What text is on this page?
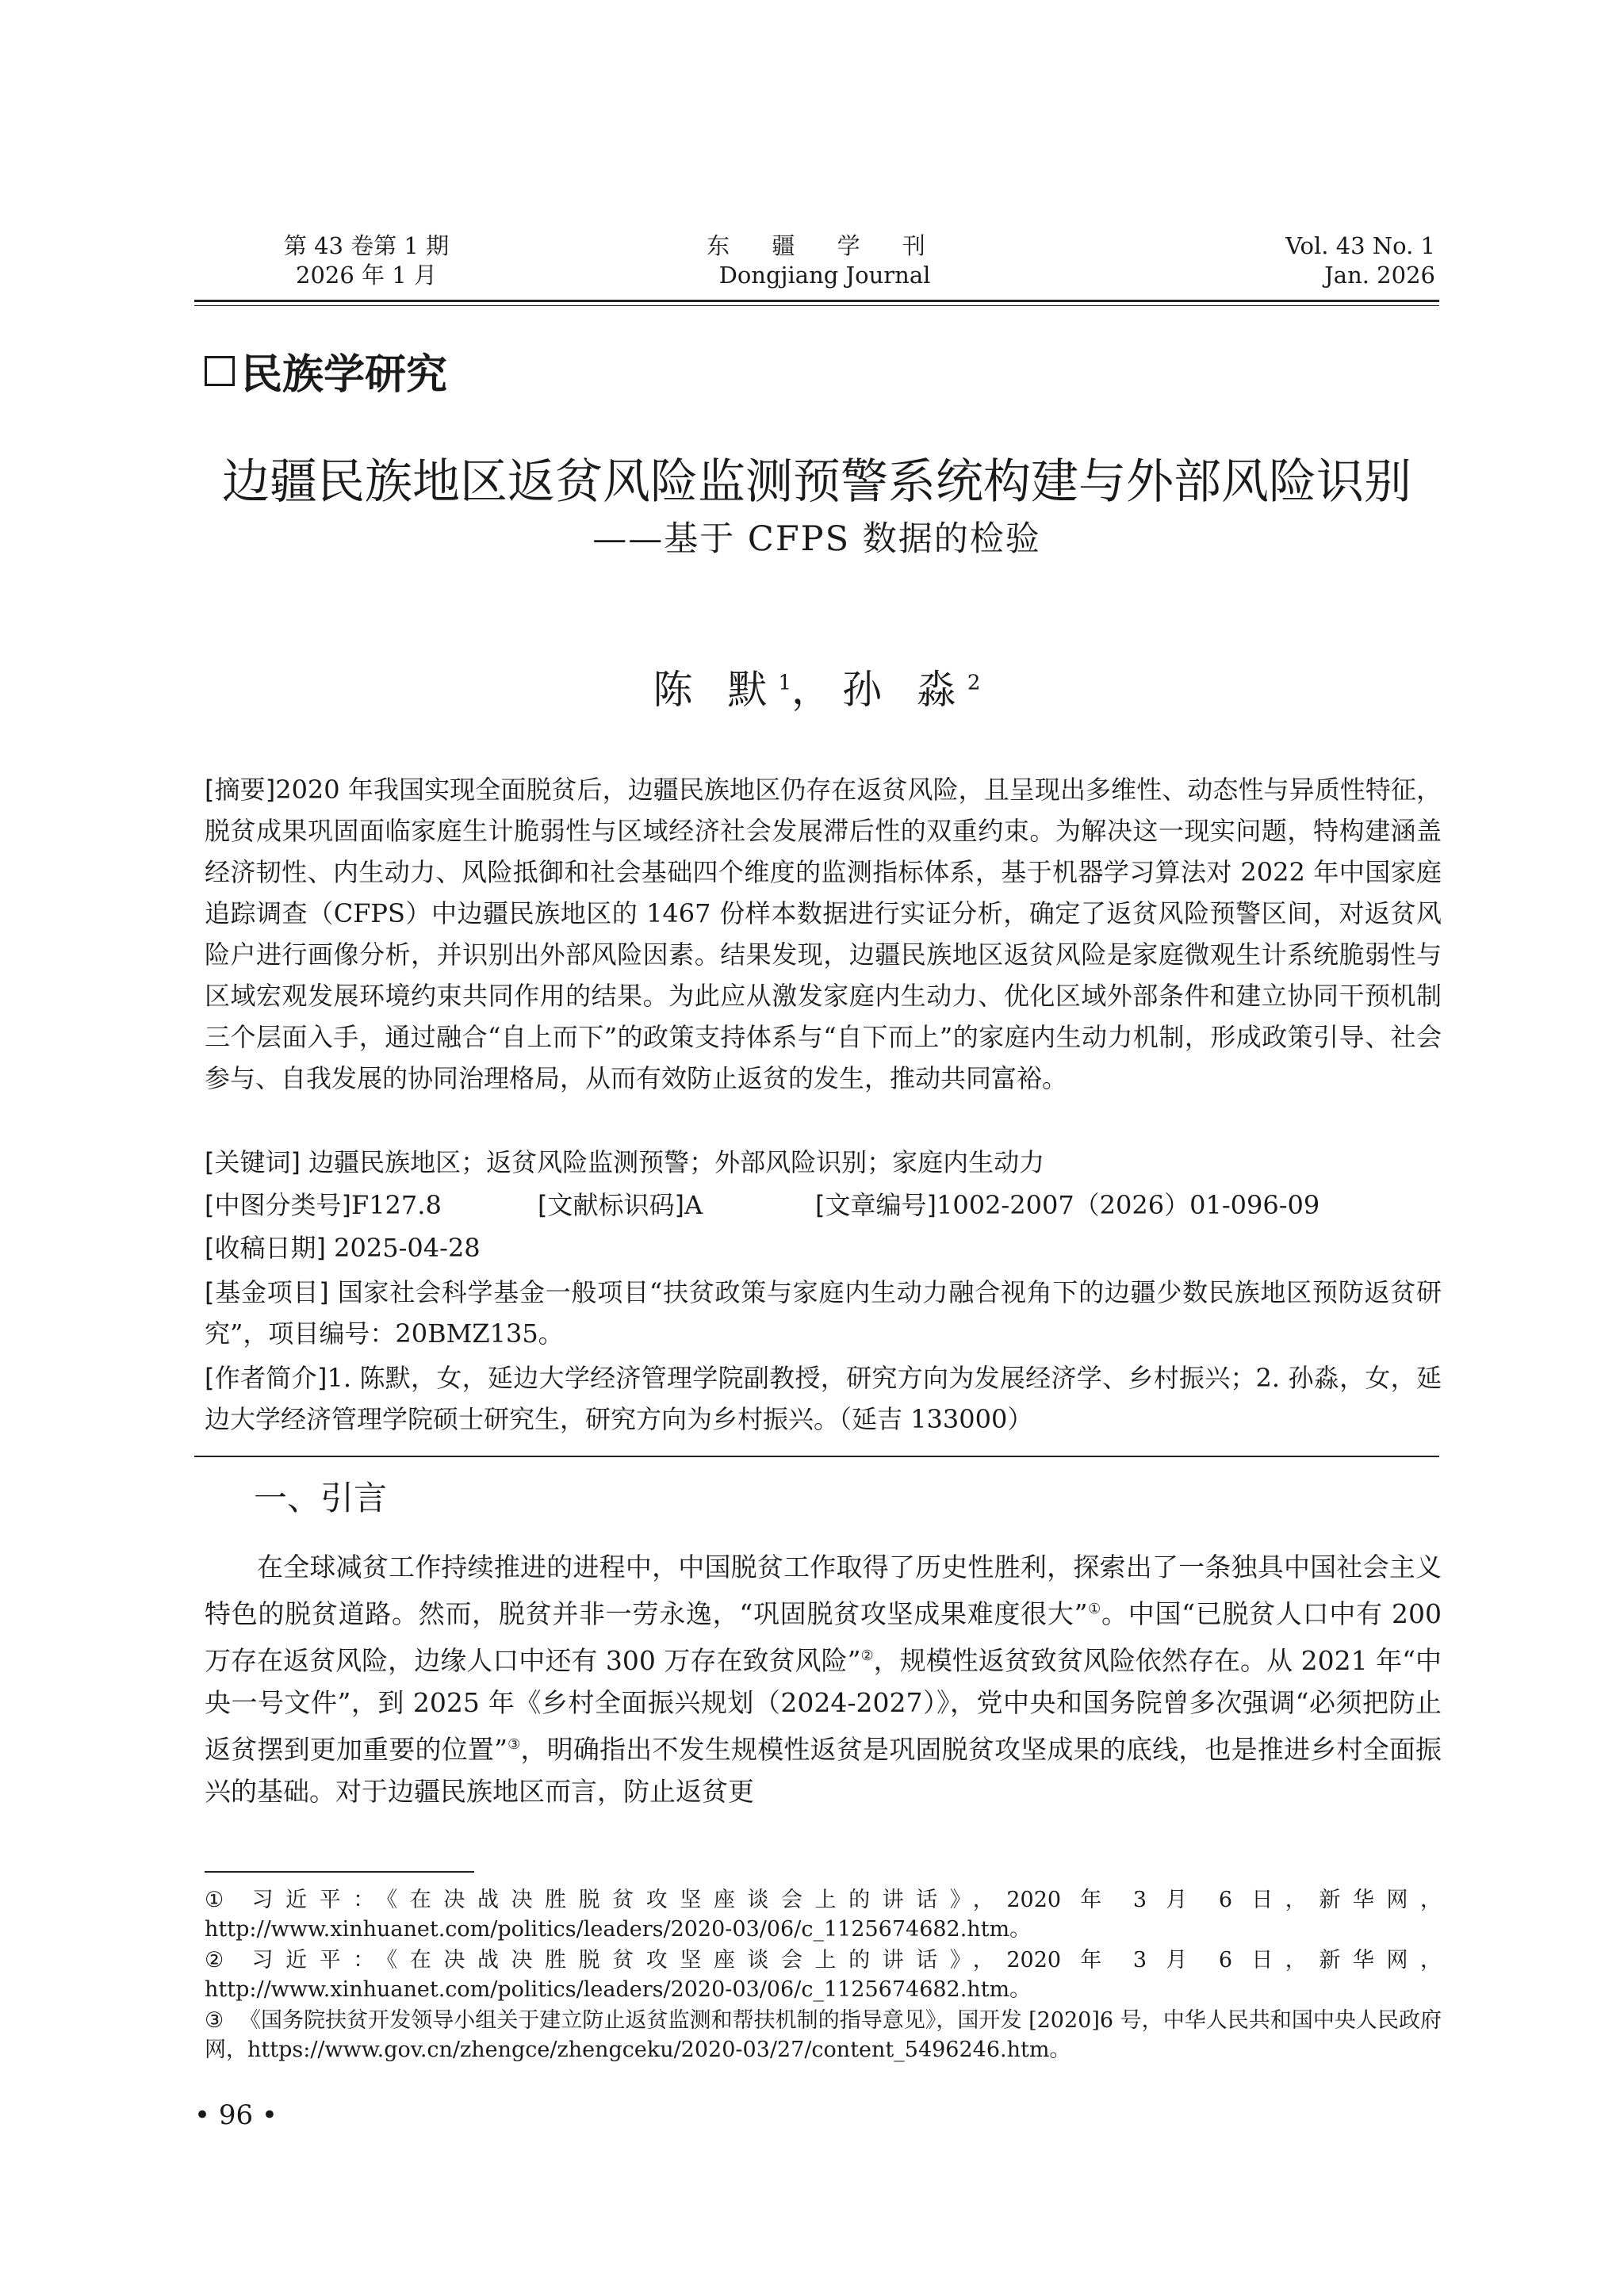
第 43 卷第 1 期
2026 年 1 月
东 疆 学 刊
Dongjiang Journal
Vol. 43 No. 1
Jan. 2026
民族学研究
边疆民族地区返贫风险监测预警系统构建与外部风险识别
——基于 CFPS 数据的检验
陈 默$^1$，孙 淼$^2$
[摘要]2020 年我国实现全面脱贫后，边疆民族地区仍存在返贫风险，且呈现出多维性、动态性与异质性特征，脱贫成果巩固面临家庭生计脆弱性与区域经济社会发展滞后性的双重约束。为解决这一现实问题，特构建涵盖经济韧性、内生动力、风险抵御和社会基础四个维度的监测指标体系，基于机器学习算法对 2022 年中国家庭追踪调查（CFPS）中边疆民族地区的 1467 份样本数据进行实证分析，确定了返贫风险预警区间，对返贫风险户进行画像分析，并识别出外部风险因素。结果发现，边疆民族地区返贫风险是家庭微观生计系统脆弱性与区域宏观发展环境约束共同作用的结果。为此应从激发家庭内生动力、优化区域外部条件和建立协同干预机制三个层面入手，通过融合“自上而下”的政策支持体系与“自下而上”的家庭内生动力机制，形成政策引导、社会参与、自我发展的协同治理格局，从而有效防止返贫的发生，推动共同富裕。
[关键词] 边疆民族地区；返贫风险监测预警；外部风险识别；家庭内生动力
[中图分类号]F127.8	[文献标识码]A	[文章编号]1002-2007（2026）01-096-09
[收稿日期] 2025-04-28
[基金项目] 国家社会科学基金一般项目“扶贫政策与家庭内生动力融合视角下的边疆少数民族地区预防返贫研究”，项目编号：20BMZ135。
[作者简介]1. 陈默，女，延边大学经济管理学院副教授，研究方向为发展经济学、乡村振兴；2. 孙淼，女，延边大学经济管理学院硕士研究生，研究方向为乡村振兴。（延吉 133000）
一、引言
在全球减贫工作持续推进的进程中，中国脱贫工作取得了历史性胜利，探索出了一条独具中国社会主义特色的脱贫道路。然而，脱贫并非一劳永逸，“巩固脱贫攻坚成果难度很大”①。中国“已脱贫人口中有 200 万存在返贫风险，边缘人口中还有 300 万存在致贫风险”②，规模性返贫致贫风险依然存在。从 2021 年“中央一号文件”，到 2025 年《乡村全面振兴规划（2024-2027）》，党中央和国务院曾多次强调“必须把防止返贫摆到更加重要的位置”③，明确指出不发生规模性返贫是巩固脱贫攻坚成果的底线，也是推进乡村全面振兴的基础。对于边疆民族地区而言，防止返贫更
① 习近平：《在决战决胜脱贫攻坚座谈会上的讲话》，2020 年 3 月 6 日，新华网，http://www.xinhuanet.com/politics/leaders/2020-03/06/c_1125674682.htm。
② 习近平：《在决战决胜脱贫攻坚座谈会上的讲话》，2020 年 3 月 6 日，新华网，http://www.xinhuanet.com/politics/leaders/2020-03/06/c_1125674682.htm。
③ 《国务院扶贫开发领导小组关于建立防止返贫监测和帮扶机制的指导意见》，国开发 [2020]6 号，中华人民共和国中央人民政府网，https://www.gov.cn/zhengce/zhengceku/2020-03/27/content_5496246.htm。
• 96 •
